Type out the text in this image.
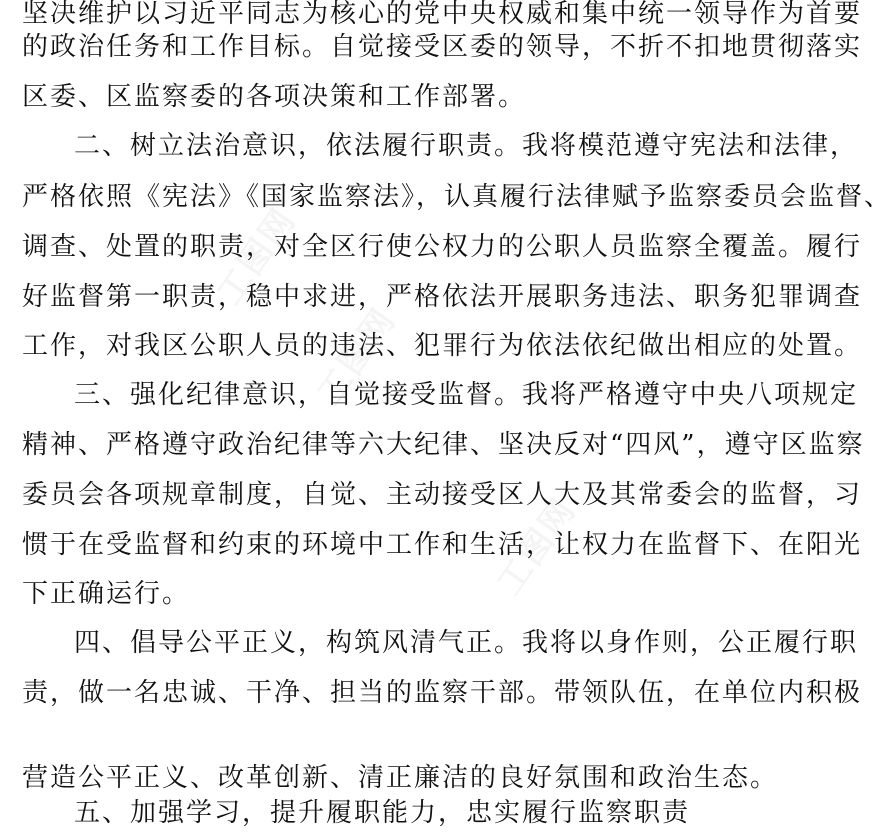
工图网
工图网
工图网
坚决维护以习近平同志为核心的党中央权威和集中统一领导作为首要
的政治任务和工作目标。自觉接受区委的领导，不折不扣地贯彻落实
区委、区监察委的各项决策和工作部署。
二、树立法治意识，依法履行职责。我将模范遵守宪法和法律，
严格依照《宪法》《国家监察法》，认真履行法律赋予监察委员会监督、
调查、处置的职责，对全区行使公权力的公职人员监察全覆盖。履行
好监督第一职责，稳中求进，严格依法开展职务违法、职务犯罪调查
工作，对我区公职人员的违法、犯罪行为依法依纪做出相应的处置。
三、强化纪律意识，自觉接受监督。我将严格遵守中央八项规定
精神、严格遵守政治纪律等六大纪律、坚决反对“四风”，遵守区监察
委员会各项规章制度，自觉、主动接受区人大及其常委会的监督，习
惯于在受监督和约束的环境中工作和生活，让权力在监督下、在阳光
下正确运行。
四、倡导公平正义，构筑风清气正。我将以身作则，公正履行职
责，做一名忠诚、干净、担当的监察干部。带领队伍，在单位内积极
营造公平正义、改革创新、清正廉洁的良好氛围和政治生态。
五、加强学习，提升履职能力，忠实履行监察职责
